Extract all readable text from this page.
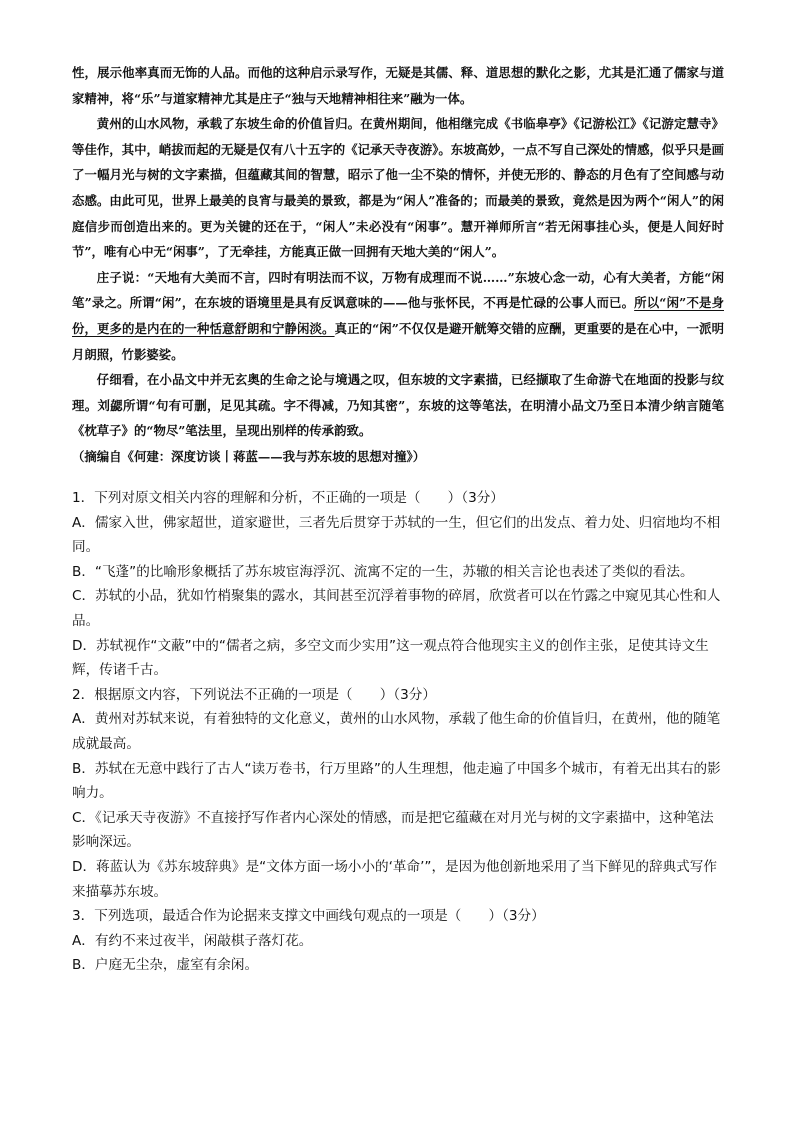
性，展示他率真而无饰的人品。而他的这种启示录写作，无疑是其儒、释、道思想的默化之影，尤其是汇通了儒家与道家精神，将“乐”与道家精神尤其是庄子“独与天地精神相往来”融为一体。

黄州的山水风物，承载了东坡生命的价值旨归。在黄州期间，他相继完成《书临皋亭》《记游松江》《记游定慧寺》等佳作，其中，峭拔而起的无疑是仅有八十五字的《记承天寺夜游》。东坡高妙，一点不写自己深处的情感，似乎只是画了一幅月光与树的文字素描，但蕴藏其间的智慧，昭示了他一尘不染的情怀，并使无形的、静态的月色有了空间感与动态感。由此可见，世界上最美的良宵与最美的景致，都是为“闲人”准备的；而最美的景致，竟然是因为两个“闲人”的闲庭信步而创造出来的。更为关键的还在于，“闲人”未必没有“闲事”。慧开禅师所言“若无闲事挂心头，便是人间好时节”，唯有心中无“闲事”，了无牵挂，方能真正做一回拥有天地大美的“闲人”。

庄子说：“天地有大美而不言，四时有明法而不议，万物有成理而不说……”东坡心念一动，心有大美者，方能“闲笔”录之。所谓“闲”，在东坡的语境里是具有反讽意味的——他与张怀民，不再是忙碌的公事人而已。所以“闲”不是身份，更多的是内在的一种恬意舒朗和宁静闲淡。真正的“闲”不仅仅是避开觥筹交错的应酬，更重要的是在心中，一派明月朗照，竹影婆娑。

仔细看，在小品文中并无玄奥的生命之论与境遇之叹，但东坡的文字素描，已经撷取了生命游弋在地面的投影与纹理。刘勰所谓“句有可删，足见其疏。字不得减，乃知其密”，东坡的这等笔法，在明清小品文乃至日本清少纳言随笔《枕草子》的“物尽”笔法里，呈现出别样的传承韵致。

（摘编自《何建：深度访谈丨蒋蓝——我与苏东坡的思想对撞》）

1．下列对原文相关内容的理解和分析，不正确的一项是（　　）（3分）

A．儒家入世，佛家超世，道家避世，三者先后贯穿于苏轼的一生，但它们的出发点、着力处、归宿地均不相同。

B．“飞蓬”的比喻形象概括了苏东坡宦海浮沉、流寓不定的一生，苏辙的相关言论也表述了类似的看法。

C．苏轼的小品，犹如竹梢聚集的露水，其间甚至沉浮着事物的碎屑，欣赏者可以在竹露之中窥见其心性和人品。

D．苏轼视作“文蔽”中的“儒者之病，多空文而少实用”这一观点符合他现实主义的创作主张，足使其诗文生辉，传诸千古。

2．根据原文内容，下列说法不正确的一项是（　　）（3分）

A．黄州对苏轼来说，有着独特的文化意义，黄州的山水风物，承载了他生命的价值旨归，在黄州，他的随笔成就最高。

B．苏轼在无意中践行了古人“读万卷书，行万里路”的人生理想，他走遍了中国多个城市，有着无出其右的影响力。

C．《记承天寺夜游》不直接抒写作者内心深处的情感，而是把它蕴藏在对月光与树的文字素描中，这种笔法影响深远。

D．蒋蓝认为《苏东坡辞典》是“文体方面一场小小的‘革命’”，是因为他创新地采用了当下鲜见的辞典式写作来描摹苏东坡。

3．下列选项，最适合作为论据来支撑文中画线句观点的一项是（　　）（3分）

A．有约不来过夜半，闲敲棋子落灯花。

B．户庭无尘杂，虚室有余闲。
